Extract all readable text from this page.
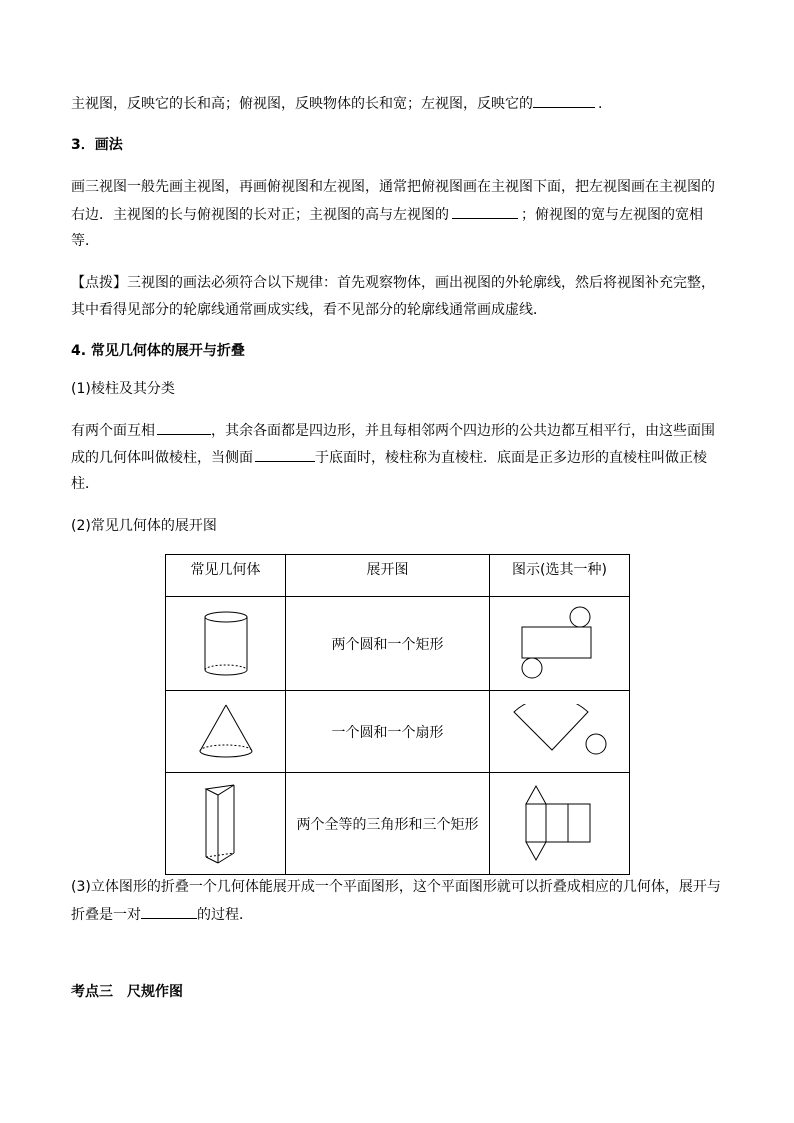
主视图，反映它的长和高；俯视图，反映物体的长和宽；左视图，反映它的	.
3．画法
画三视图一般先画主视图，再画俯视图和左视图，通常把俯视图画在主视图下面，把左视图画在主视图的
右边．主视图的长与俯视图的长对正；主视图的高与左视图的	；俯视图的宽与左视图的宽相
等．
【点拨】三视图的画法必须符合以下规律：首先观察物体，画出视图的外轮廓线，然后将视图补充完整，
其中看得见部分的轮廓线通常画成实线，看不见部分的轮廓线通常画成虚线．
4. 常见几何体的展开与折叠
(1)棱柱及其分类
有两个面互相	，其余各面都是四边形，并且每相邻两个四边形的公共边都互相平行，由这些面围
成的几何体叫做棱柱，当侧面	于底面时，棱柱称为直棱柱．底面是正多边形的直棱柱叫做正棱
柱．
(2)常见几何体的展开图
常见几何体	展开图	图示(选其一种)

	两个圆和一个矩形	

	一个圆和一个扇形	

	两个全等的三角形和三个矩形	
(3)立体图形的折叠一个几何体能展开成一个平面图形，这个平面图形就可以折叠成相应的几何体，展开与
折叠是一对	的过程．
考点三　尺规作图
